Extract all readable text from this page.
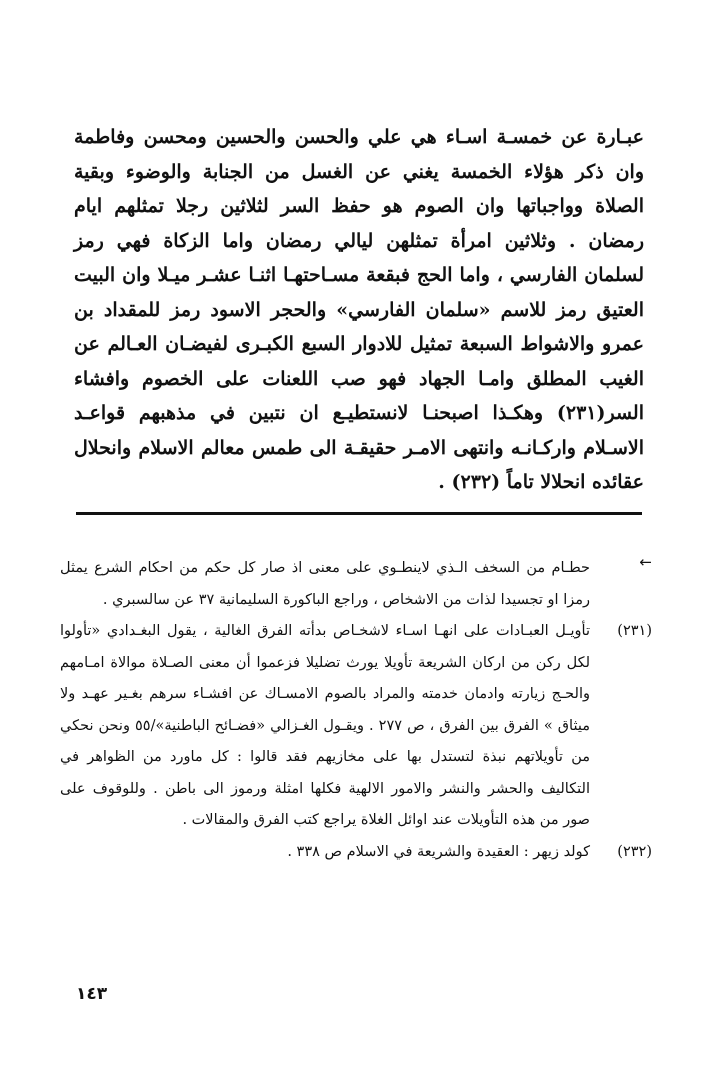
عبـارة عن خمسـة اسـاء هي علي والحسن والحسين ومحسن وفاطمة وان ذكر هؤلاء الخمسة يغني عن الغسل من الجنابة والوضوء وبقية الصلاة وواجباتها وان الصوم هو حفظ السر لثلاثين رجلا تمثلهم ايام رمضان . وثلاثين امرأة تمثلهن ليالي رمضان واما الزكاة فهي رمز لسلمان الفارسي ، واما الحج فبقعة مسـاحتهـا اثنـا عشـر ميـلا وان البيت العتيق رمز للاسم «سلمان الفارسي» والحجر الاسود رمز للمقداد بن عمرو والاشواط السبعة تمثيل للادوار السبع الكبـرى لفيضـان العـالم عن الغيب المطلق وامـا الجهاد فهو صب اللعنات على الخصوم وافشاء السر(٢٣١) وهكـذا اصبحنـا لانستطيـع ان نتبين في مذهبهم قواعـد الاسـلام واركـانـه وانتهى الامـر حقيقـة الى طمس معالم الاسلام وانحلال عقائده انحلالا تاماً (٢٣٢) .

←
حطـام من السخف الـذي لاينطـوي على معنى اذ صار كل حكم من احكام الشرع يمثل رمزا او تجسيدا لذات من الاشخاص ، وراجع الباكورة السليمانية ٣٧ عن سالسبري .
(٢٣١)
تأويـل العبـادات على انهـا اسـاء لاشخـاص بدأته الفرق الغالية ، يقول البغـدادي «تأولوا لكل ركن من اركان الشريعة تأويلا يورث تضليلا فزعموا أن معنى الصـلاة موالاة امـامهم والحـج زيارته وادمان خدمته والمراد بالصوم الامسـاك عن افشـاء سرهم بغـير عهـد ولا ميثاق » الفرق بين الفرق ، ص ٢٧٧ . ويقـول الغـزالي «فضـائح الباطنية»/٥٥ ونحن نحكي من تأويلاتهم نبذة لتستدل بها على مخازيهم فقد قالوا : كل ماورد من الظواهر في التكاليف والحشر والنشر والامور الالهية فكلها امثلة ورموز الى باطن . وللوقوف على صور من هذه التأويلات عند اوائل الغلاة يراجع كتب الفرق والمقالات .
(٢٣٢)
كولد زيهر : العقيدة والشريعة في الاسلام ص ٣٣٨ .
١٤٣
